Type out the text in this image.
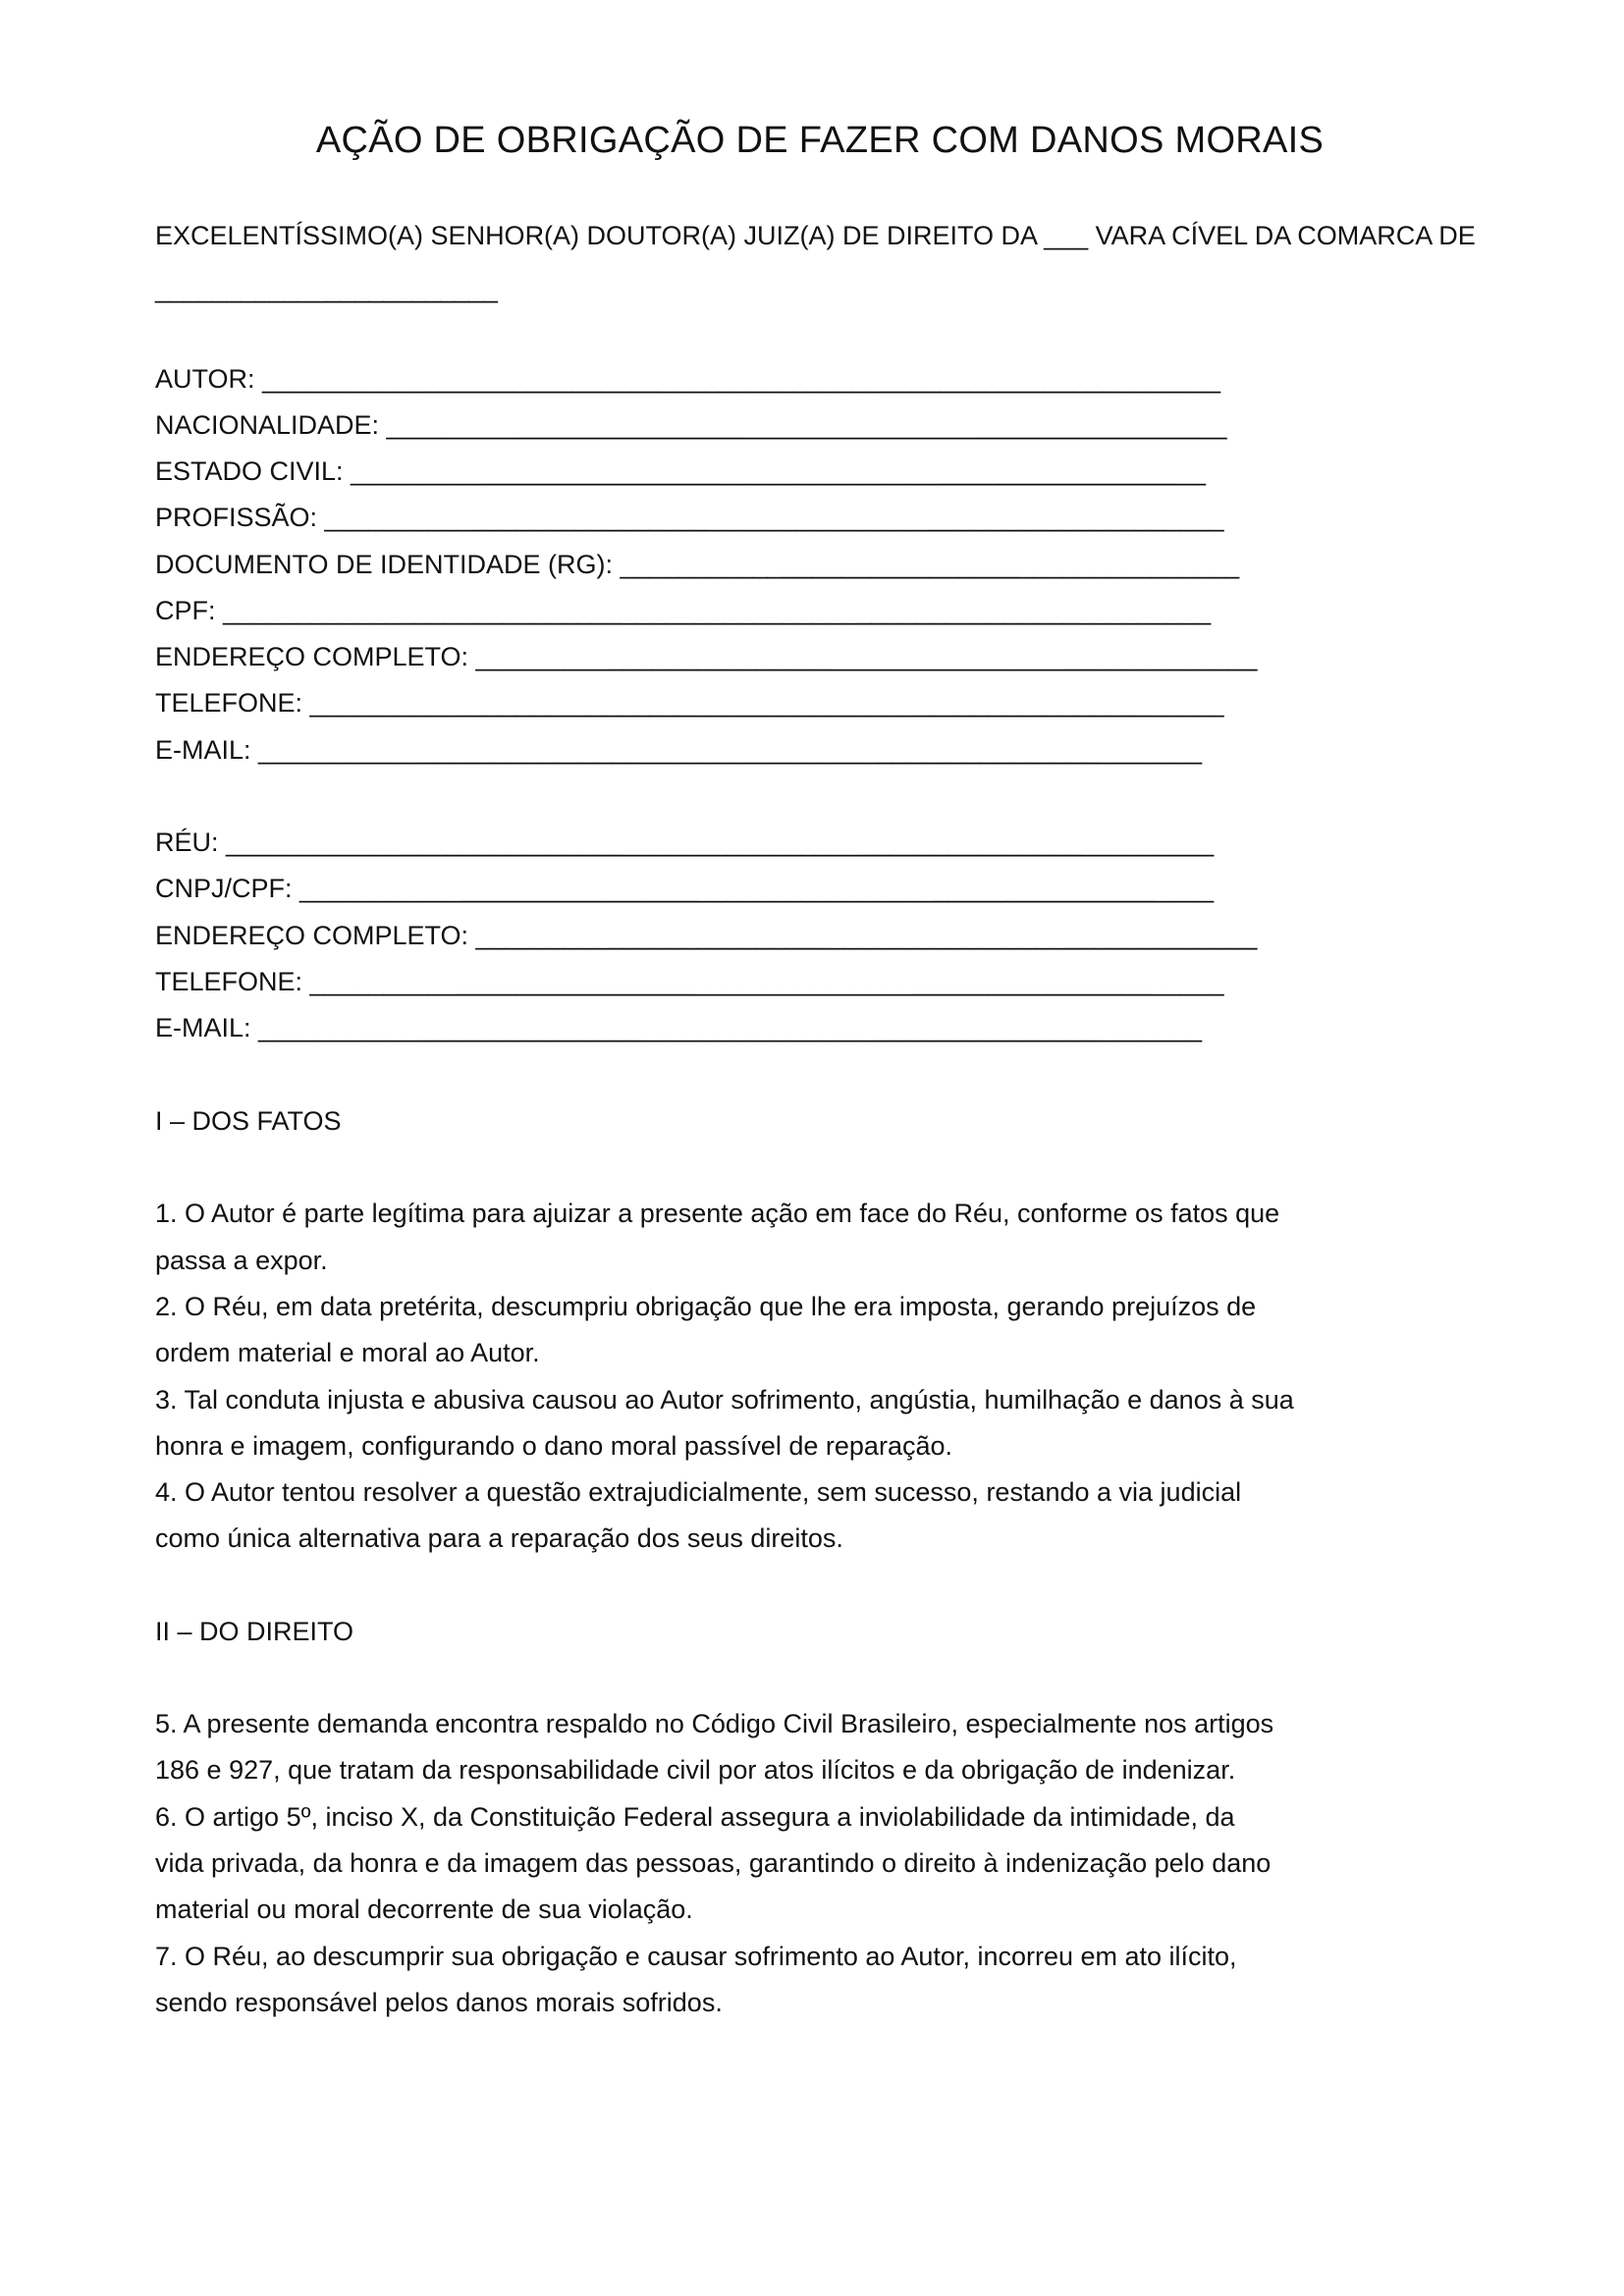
AÇÃO DE OBRIGAÇÃO DE FAZER COM DANOS MORAIS

EXCELENTÍSSIMO(A) SENHOR(A) DOUTOR(A) JUIZ(A) DE DIREITO DA ___ VARA CÍVEL DA COMARCA DE

________________________

AUTOR: _________________________________________________________________

NACIONALIDADE: _________________________________________________________

ESTADO CIVIL: __________________________________________________________

PROFISSÃO: _____________________________________________________________

DOCUMENTO DE IDENTIDADE (RG): __________________________________________

CPF: ___________________________________________________________________

ENDEREÇO COMPLETO: _____________________________________________________

TELEFONE: ______________________________________________________________

E-MAIL: ________________________________________________________________

RÉU: ___________________________________________________________________

CNPJ/CPF: ______________________________________________________________

ENDEREÇO COMPLETO: _____________________________________________________

TELEFONE: ______________________________________________________________

E-MAIL: ________________________________________________________________

I – DOS FATOS

1. O Autor é parte legítima para ajuizar a presente ação em face do Réu, conforme os fatos que

passa a expor.

2. O Réu, em data pretérita, descumpriu obrigação que lhe era imposta, gerando prejuízos de

ordem material e moral ao Autor.

3. Tal conduta injusta e abusiva causou ao Autor sofrimento, angústia, humilhação e danos à sua

honra e imagem, configurando o dano moral passível de reparação.

4. O Autor tentou resolver a questão extrajudicialmente, sem sucesso, restando a via judicial

como única alternativa para a reparação dos seus direitos.

II – DO DIREITO

5. A presente demanda encontra respaldo no Código Civil Brasileiro, especialmente nos artigos

186 e 927, que tratam da responsabilidade civil por atos ilícitos e da obrigação de indenizar.

6. O artigo 5º, inciso X, da Constituição Federal assegura a inviolabilidade da intimidade, da

vida privada, da honra e da imagem das pessoas, garantindo o direito à indenização pelo dano

material ou moral decorrente de sua violação.

7. O Réu, ao descumprir sua obrigação e causar sofrimento ao Autor, incorreu em ato ilícito,

sendo responsável pelos danos morais sofridos.
